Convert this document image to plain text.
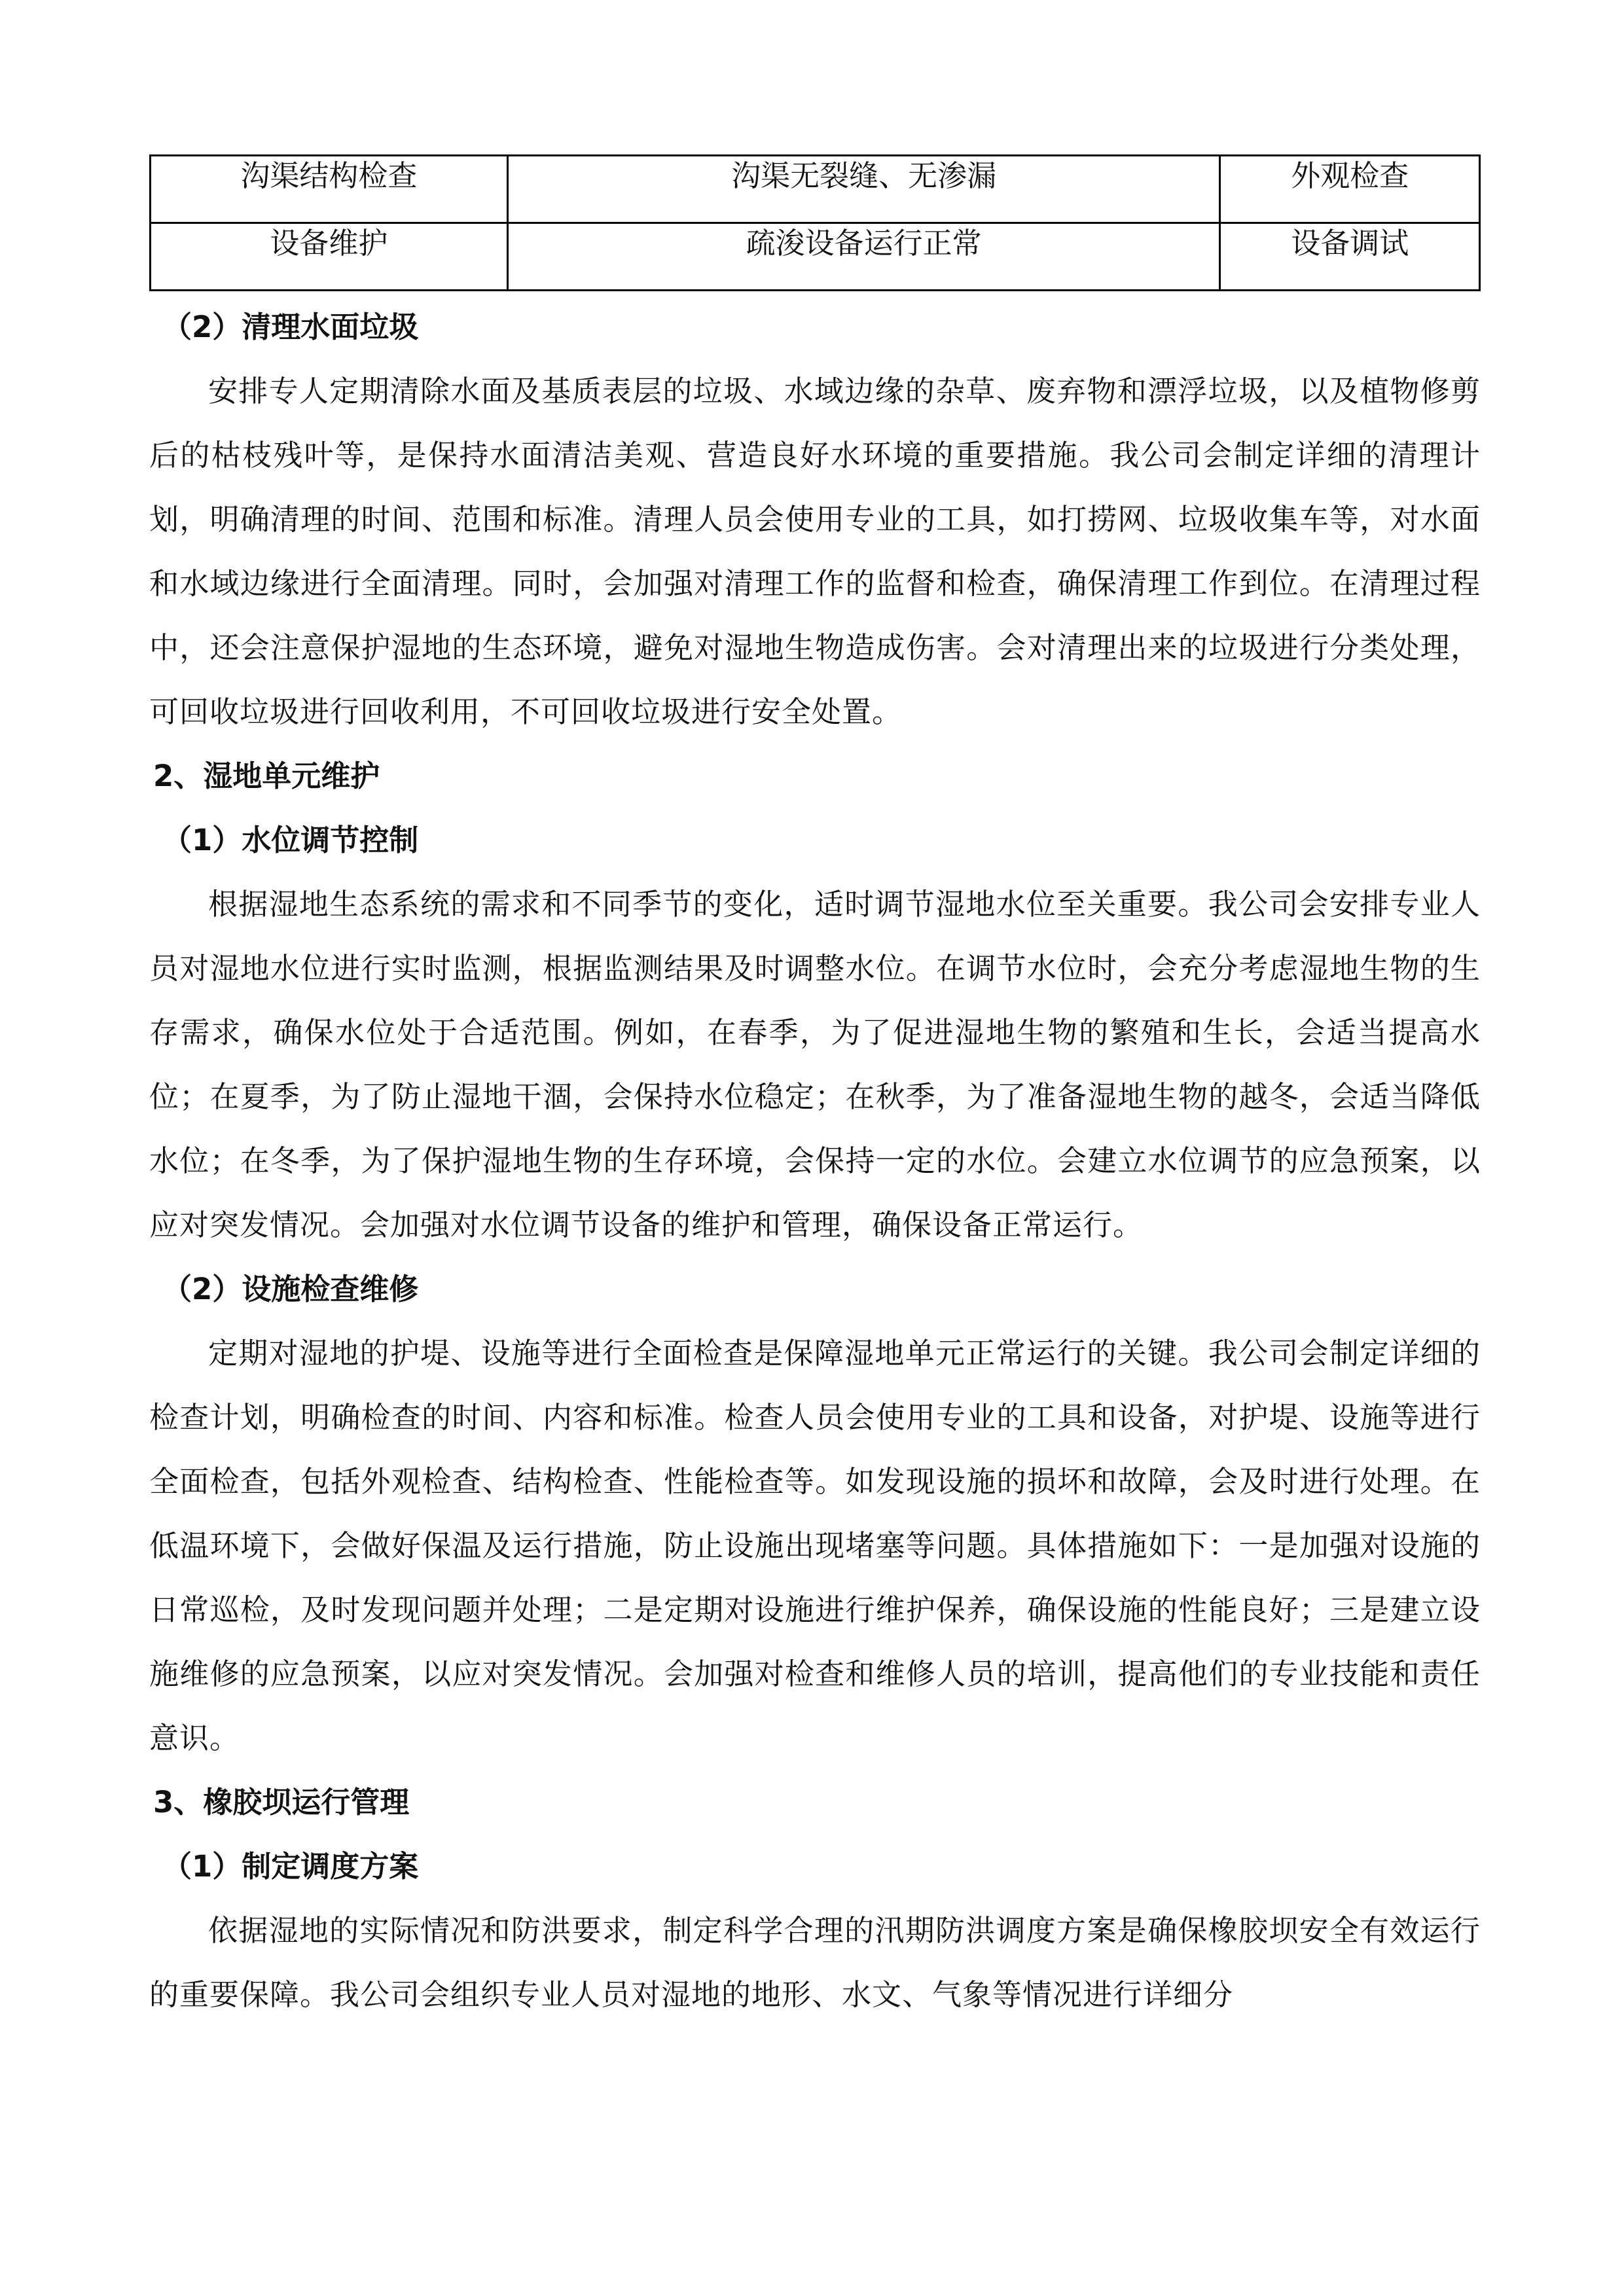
沟渠结构检查	沟渠无裂缝、无渗漏	外观检查
设备维护	疏浚设备运行正常	设备调试
（2）清理水面垃圾

安排专人定期清除水面及基质表层的垃圾、水域边缘的杂草、废弃物和漂浮垃圾，以及植物修剪后的枯枝残叶等，是保持水面清洁美观、营造良好水环境的重要措施。我公司会制定详细的清理计划，明确清理的时间、范围和标准。清理人员会使用专业的工具，如打捞网、垃圾收集车等，对水面和水域边缘进行全面清理。同时，会加强对清理工作的监督和检查，确保清理工作到位。在清理过程中，还会注意保护湿地的生态环境，避免对湿地生物造成伤害。会对清理出来的垃圾进行分类处理，可回收垃圾进行回收利用，不可回收垃圾进行安全处置。

2、湿地单元维护
（1）水位调节控制

根据湿地生态系统的需求和不同季节的变化，适时调节湿地水位至关重要。我公司会安排专业人员对湿地水位进行实时监测，根据监测结果及时调整水位。在调节水位时，会充分考虑湿地生物的生存需求，确保水位处于合适范围。例如，在春季，为了促进湿地生物的繁殖和生长，会适当提高水位；在夏季，为了防止湿地干涸，会保持水位稳定；在秋季，为了准备湿地生物的越冬，会适当降低水位；在冬季，为了保护湿地生物的生存环境，会保持一定的水位。会建立水位调节的应急预案，以应对突发情况。会加强对水位调节设备的维护和管理，确保设备正常运行。

（2）设施检查维修

定期对湿地的护堤、设施等进行全面检查是保障湿地单元正常运行的关键。我公司会制定详细的检查计划，明确检查的时间、内容和标准。检查人员会使用专业的工具和设备，对护堤、设施等进行全面检查，包括外观检查、结构检查、性能检查等。如发现设施的损坏和故障，会及时进行处理。在低温环境下，会做好保温及运行措施，防止设施出现堵塞等问题。具体措施如下：一是加强对设施的日常巡检，及时发现问题并处理；二是定期对设施进行维护保养，确保设施的性能良好；三是建立设施维修的应急预案，以应对突发情况。会加强对检查和维修人员的培训，提高他们的专业技能和责任意识。

3、橡胶坝运行管理
（1）制定调度方案

依据湿地的实际情况和防洪要求，制定科学合理的汛期防洪调度方案是确保橡胶坝安全有效运行的重要保障。我公司会组织专业人员对湿地的地形、水文、气象等情况进行详细分
